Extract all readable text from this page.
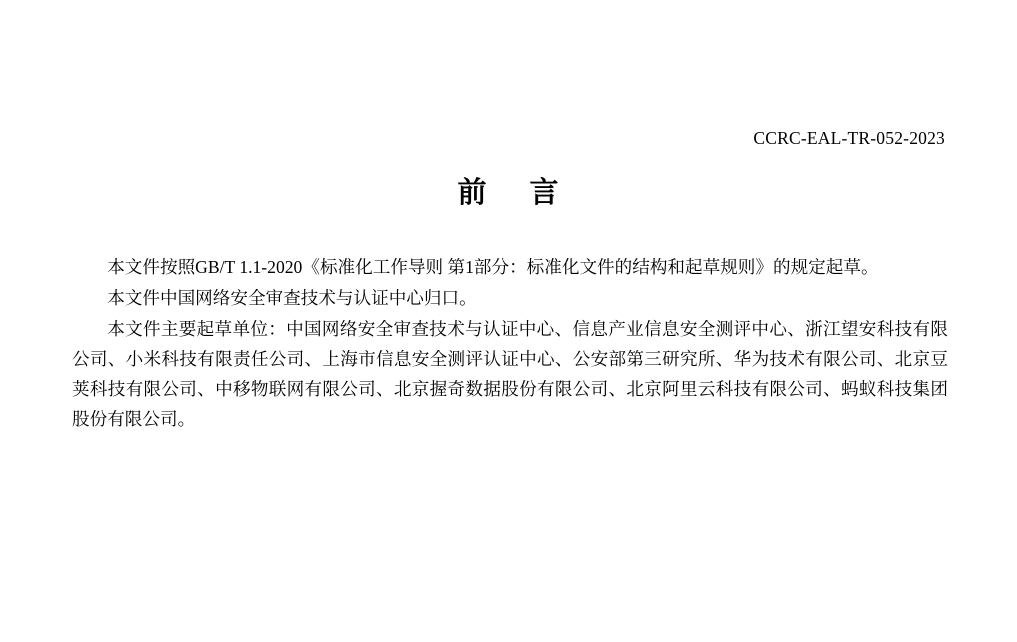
CCRC-EAL-TR-052-2023
前 言

本文件按照GB/T 1.1-2020《标准化工作导则 第1部分：标准化文件的结构和起草规则》的规定起草。

本文件中国网络安全审查技术与认证中心归口。

本文件主要起草单位：中国网络安全审查技术与认证中心、信息产业信息安全测评中心、浙江望安科技有限公司、小米科技有限责任公司、上海市信息安全测评认证中心、公安部第三研究所、华为技术有限公司、北京豆荚科技有限公司、中移物联网有限公司、北京握奇数据股份有限公司、北京阿里云科技有限公司、蚂蚁科技集团股份有限公司。
